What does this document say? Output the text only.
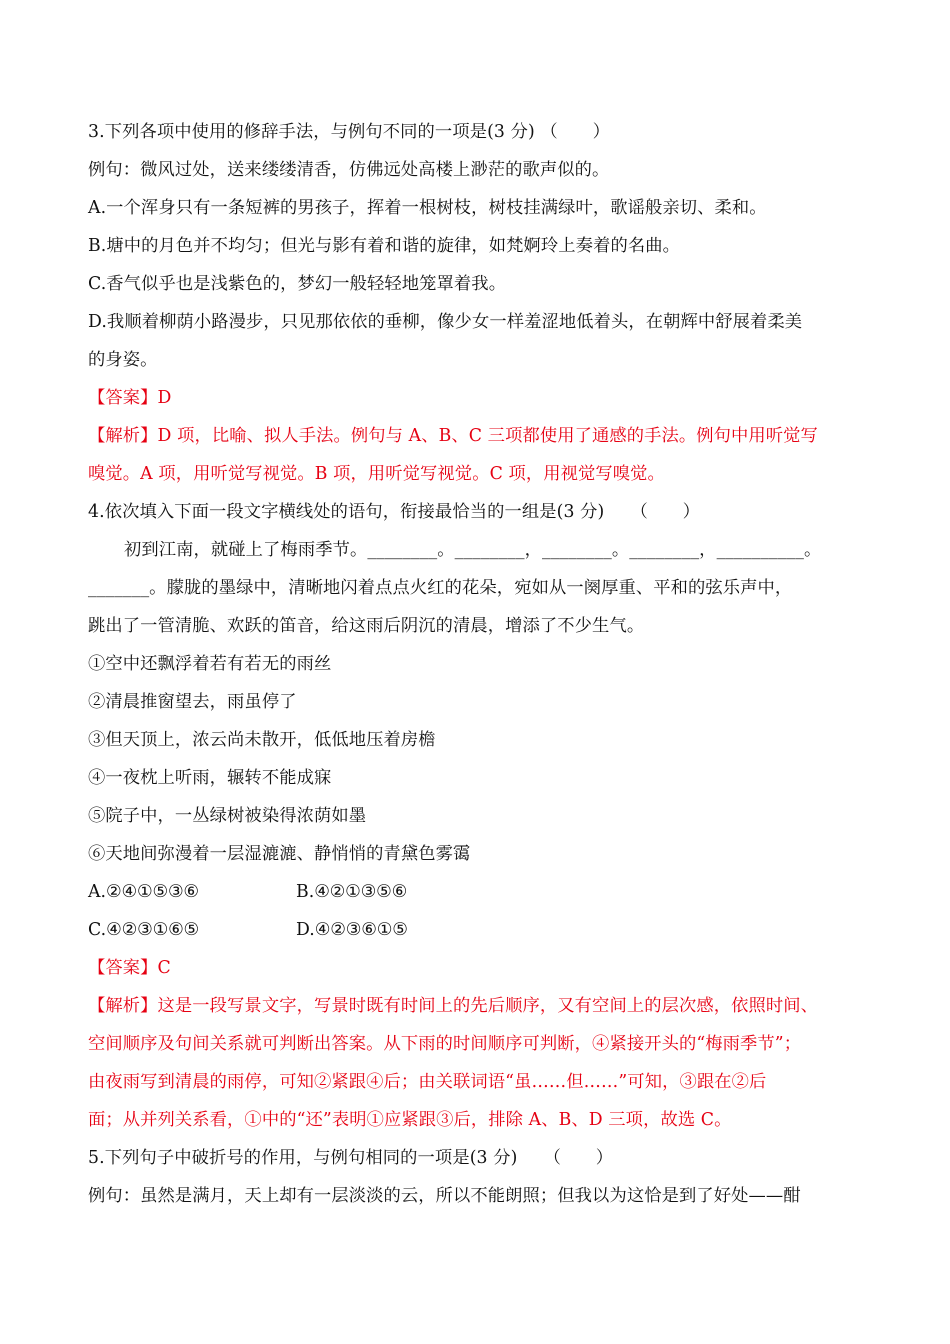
3.下列各项中使用的修辞手法，与例句不同的一项是(3 分) （　　）
例句：微风过处，送来缕缕清香，仿佛远处高楼上渺茫的歌声似的。
A.一个浑身只有一条短裤的男孩子，挥着一根树枝，树枝挂满绿叶，歌谣般亲切、柔和。
B.塘中的月色并不均匀；但光与影有着和谐的旋律，如梵婀玲上奏着的名曲。
C.香气似乎也是浅紫色的，梦幻一般轻轻地笼罩着我。
D.我顺着柳荫小路漫步，只见那依依的垂柳，像少女一样羞涩地低着头，在朝辉中舒展着柔美
的身姿。
【答案】D
【解析】D 项，比喻、拟人手法。例句与 A、B、C 三项都使用了通感的手法。例句中用听觉写
嗅觉。A 项，用听觉写视觉。B 项，用听觉写视觉。C 项，用视觉写嗅觉。
4.依次填入下面一段文字横线处的语句，衔接最恰当的一组是(3 分)　　（　　）
初到江南，就碰上了梅雨季节。________。________，________。________，__________。
_______。朦胧的墨绿中，清晰地闪着点点火红的花朵，宛如从一阕厚重、平和的弦乐声中，
跳出了一管清脆、欢跃的笛音，给这雨后阴沉的清晨，增添了不少生气。
①空中还飘浮着若有若无的雨丝
②清晨推窗望去，雨虽停了
③但天顶上，浓云尚未散开，低低地压着房檐
④一夜枕上听雨，辗转不能成寐
⑤院子中，一丛绿树被染得浓荫如墨
⑥天地间弥漫着一层湿漉漉、静悄悄的青黛色雾霭
A.②④①⑤③⑥	B.④②①③⑤⑥
C.④②③①⑥⑤	D.④②③⑥①⑤
【答案】C
【解析】这是一段写景文字，写景时既有时间上的先后顺序，又有空间上的层次感，依照时间、
空间顺序及句间关系就可判断出答案。从下雨的时间顺序可判断，④紧接开头的“梅雨季节”；
由夜雨写到清晨的雨停，可知②紧跟④后；由关联词语“虽……但……”可知，③跟在②后
面；从并列关系看，①中的“还”表明①应紧跟③后，排除 A、B、D 三项，故选 C。
5.下列句子中破折号的作用，与例句相同的一项是(3 分)　　（　　）
例句：虽然是满月，天上却有一层淡淡的云，所以不能朗照；但我以为这恰是到了好处——酣
